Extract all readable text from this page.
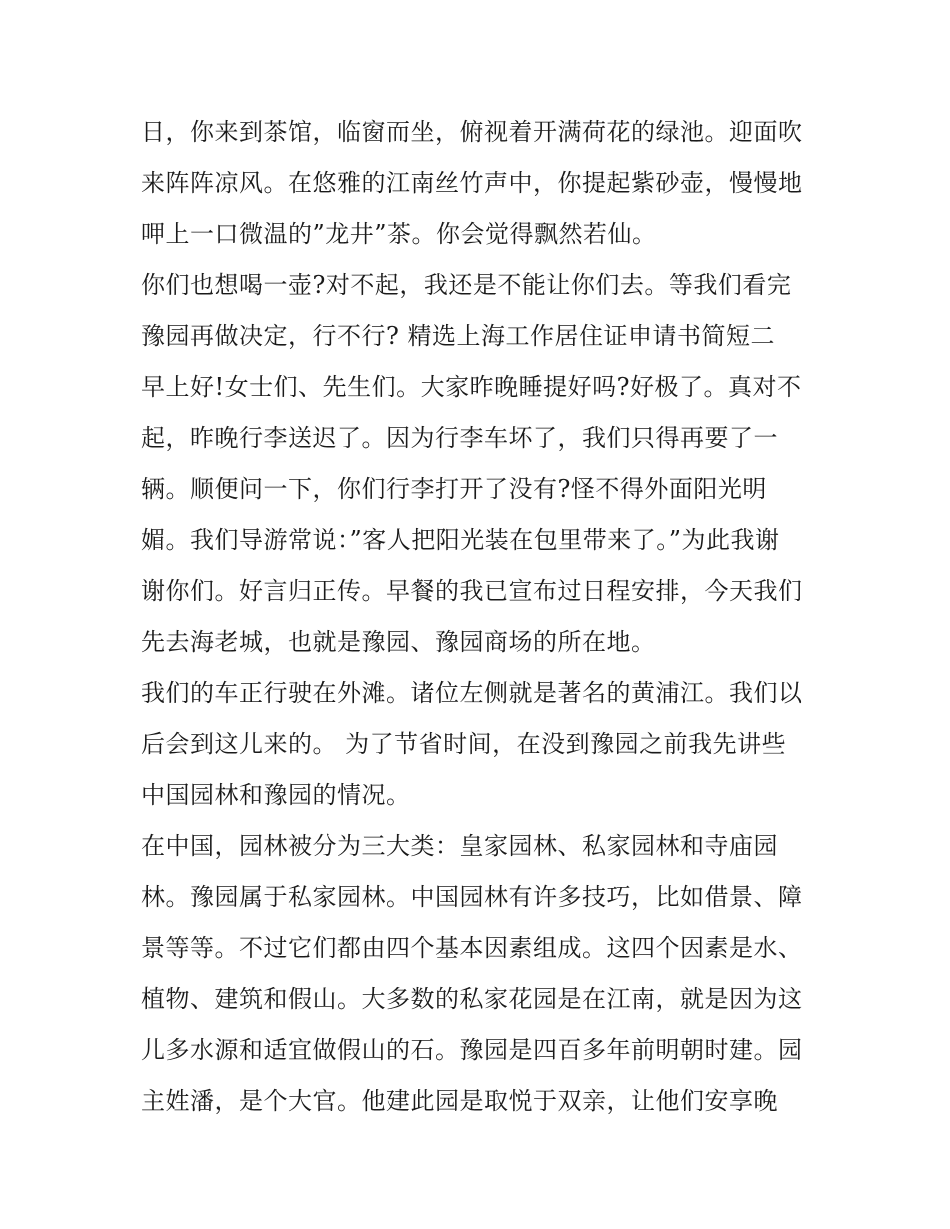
日，你来到茶馆，临窗而坐，俯视着开满荷花的绿池。迎面吹
来阵阵凉风。在悠雅的江南丝竹声中，你提起紫砂壶，慢慢地
呷上一口微温的”龙井”茶。你会觉得飘然若仙。
你们也想喝一壶?对不起，我还是不能让你们去。等我们看完
豫园再做决定，行不行? 精选上海工作居住证申请书简短二
早上好!女士们、先生们。大家昨晚睡提好吗?好极了。真对不
起，昨晚行李送迟了。因为行李车坏了，我们只得再要了一
辆。顺便问一下，你们行李打开了没有?怪不得外面阳光明
媚。我们导游常说：”客人把阳光装在包里带来了。”为此我谢
谢你们。好言归正传。早餐的我已宣布过日程安排，今天我们
先去海老城，也就是豫园、豫园商场的所在地。
我们的车正行驶在外滩。诸位左侧就是著名的黄浦江。我们以
后会到这儿来的。 为了节省时间，在没到豫园之前我先讲些
中国园林和豫园的情况。
在中国，园林被分为三大类：皇家园林、私家园林和寺庙园
林。豫园属于私家园林。中国园林有许多技巧，比如借景、障
景等等。不过它们都由四个基本因素组成。这四个因素是水、
植物、建筑和假山。大多数的私家花园是在江南，就是因为这
儿多水源和适宜做假山的石。豫园是四百多年前明朝时建。园
主姓潘，是个大官。他建此园是取悦于双亲，让他们安享晚
